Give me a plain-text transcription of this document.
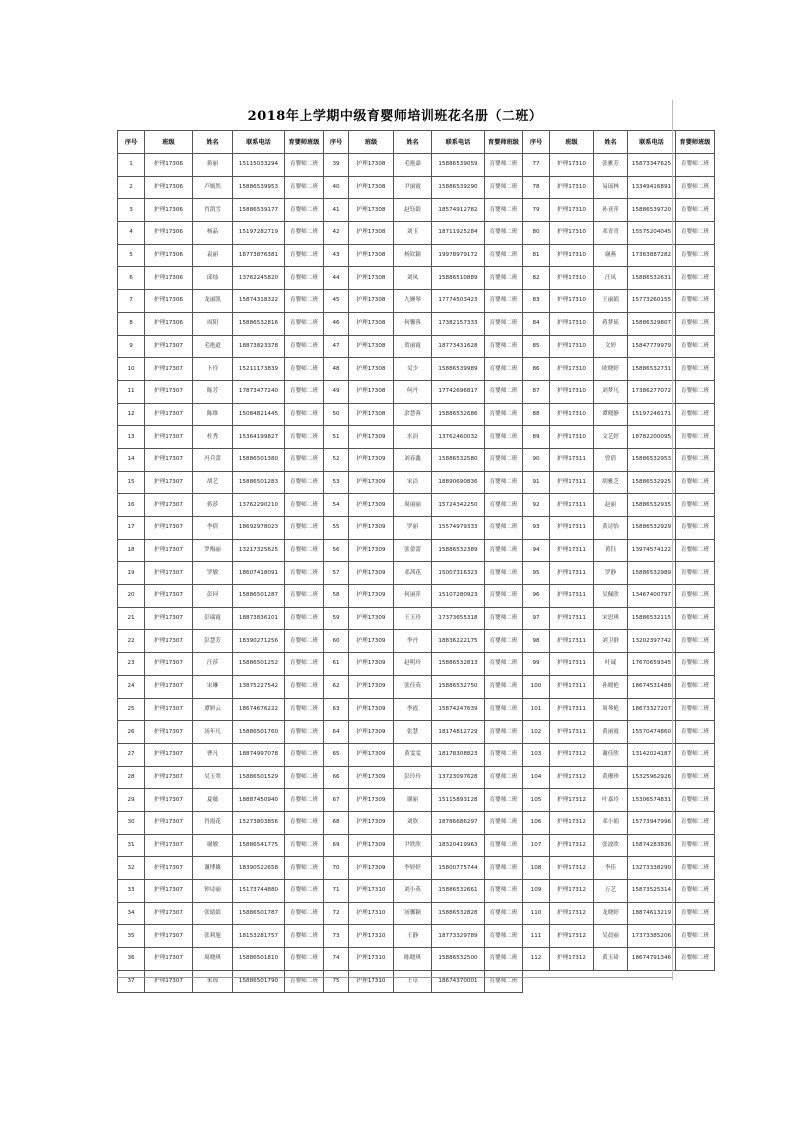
2018年上学期中级育婴师培训班花名册（二班）
序号	班级	姓名	联系电话	育婴师班级	序号	班级	姓名	联系电话	育婴师班级	序号	班级	姓名	联系电话	育婴师班级
1	护理17306	蒋丽	15115033294	育婴师二班	39	护理17308	毛艳嘉	15886539059	育婴师二班	77	护理17310	张雅芳	15873347625	育婴师二班
2	护理17306	卢嫣然	15886539953	育婴师二班	40	护理17308	尹丽霞	15886539290	育婴师二班	78	护理17310	易瑶林	13349416891	育婴师二班
3	护理17306	肖凯雪	15886539177	育婴师二班	41	护理17308	赵钰婧	18574912782	育婴师二班	79	护理17310	孙亚萍	15886539720	育婴师二班
4	护理17306	杨晶	15197282719	育婴师二班	42	护理17308	刘玉	18711925284	育婴师二班	80	护理17310	邓青青	15575204045	育婴师二班
5	护理17306	袁丽	18773876381	育婴师二班	43	护理17308	杨钦颖	19978979172	育婴师二班	81	护理17310	谢燕	17363887282	育婴师二班
6	护理17306	邱灿	13762245820	育婴师二班	44	护理17308	刘凤	15886510889	育婴师二班	82	护理17310	汪凤	15886532631	育婴师二班
7	护理17306	龙丽凯	15874318322	育婴师二班	45	护理17308	九婉琴	17774503423	育婴师二班	83	护理17310	王丽娟	15773260155	育婴师二班
8	护理17306	周阳	15886532816	育婴师二班	46	护理17308	何馨蓉	17382157333	育婴师二班	84	护理17310	蒋梦瑶	15886329807	育婴师二班
9	护理17307	毛艳道	18873823378	育婴师二班	47	护理17308	贺丽霞	18773431628	育婴师二班	85	护理17310	文婷	15847779979	育婴师二班
10	护理17307	卜玲	15211173839	育婴师二班	48	护理17308	吴少	15886539989	育婴师二班	86	护理17310	欧晓婷	15886532731	育婴师二班
11	护理17307	陈芳	17873477240	育婴师二班	49	护理17308	何丹	17742696817	育婴师二班	87	护理17310	刘梦凡	17386277072	育婴师二班
12	护理17307	陈维	15084821445	育婴师二班	50	护理17308	余慧蓉	15886532686	育婴师二班	88	护理17310	谭晓静	15197246171	育婴师二班
13	护理17307	杜秀	15364199827	育婴师二班	51	护理17309	水涓	13762460032	育婴师二班	89	护理17310	文艺婷	18782200095	育婴师二班
14	护理17307	冯兵蕾	15886501380	育婴师二班	52	护理17309	刘春鑫	15886532580	育婴师二班	90	护理17311	曾倩	15886532953	育婴师二班
15	护理17307	胡艺	15886501283	育婴师二班	53	护理17309	宋洁	18890690836	育婴师二班	91	护理17311	胡雅芝	15886532925	育婴师二班
16	护理17307	蒋莎	13762290210	育婴师二班	54	护理17309	周丽丽	15724342250	育婴师二班	92	护理17311	赵丽	15886532935	育婴师二班
17	护理17307	李倩	18692978023	育婴师二班	55	护理17309	罗丽	15574979333	育婴师二班	93	护理17311	黄诗怡	15886532929	育婴师二班
18	护理17307	罗梅丽	13217325625	育婴师二班	56	护理17309	张蕾蕾	15886532389	育婴师二班	94	护理17311	黄钰	13974574122	育婴师二班
19	护理17307	罗敏	18607418091	育婴师二班	57	护理17309	邓茜花	15007316323	育婴师二班	95	护理17311	罗静	15886532989	育婴师二班
20	护理17307	彭珂	15886501287	育婴师二班	58	护理17309	何丽萍	15107280923	育婴师二班	96	护理17311	吴佩欣	13467400797	育婴师二班
21	护理17307	彭瑞霞	18873836101	育婴师二班	59	护理17309	王玉玲	17373655318	育婴师二班	97	护理17311	宋思琪	15886532115	育婴师二班
22	护理17307	彭慧芳	18390271256	育婴师二班	60	护理17309	李丹	18836222175	育婴师二班	98	护理17311	刘卫群	13202397742	育婴师二班
23	护理17307	汪莎	15886501252	育婴师二班	61	护理17309	赵明玲	15886532813	育婴师二班	99	护理17311	叶诚	17670659345	育婴师二班
24	护理17307	宋琳	13875227542	育婴师二班	62	护理17309	张佳英	15886532750	育婴师二班	100	护理17311	孙晓艳	18674531488	育婴师二班
25	护理17307	谭妍云	18674676222	育婴师二班	63	护理17309	李霞	15874247639	育婴师二班	101	护理17311	周琴艳	18673327207	育婴师二班
26	护理17307	汤年凡	15886501760	育婴师二班	64	护理17309	张慧	18174812729	育婴师二班	102	护理17311	黄丽霞	15570474860	育婴师二班
27	护理17307	曹凡	18874997078	育婴师二班	65	护理17309	黄雯雯	18178308823	育婴师二班	103	护理17312	谢佳欣	13142024187	育婴师二班
28	护理17307	吴玉翠	15886501529	育婴师二班	66	护理17309	彭玲玲	13723097628	育婴师二班	104	护理17312	黄珊珍	15325962926	育婴师二班
29	护理17307	夏薇	18887450940	育婴师二班	67	护理17309	谢丽	15115893128	育婴师二班	105	护理17312	叶嘉玲	15306574831	育婴师二班
30	护理17307	肖霞花	15273803856	育婴师二班	68	护理17309	刘欣	18786686297	育婴师二班	106	护理17312	邓小娟	15773947996	育婴师二班
31	护理17307	谢敏	15886541775	育婴师二班	69	护理17309	尹欣欣	18320419963	育婴师二班	107	护理17312	张波欣	15874283836	育婴师二班
32	护理17307	谢博雄	18390522658	育婴师二班	70	护理17309	李婷婷	15800775744	育婴师二班	108	护理17312	李佳	13273338290	育婴师二班
33	护理17307	钟诗丽	15173744880	育婴师二班	71	护理17310	刘小英	15886532661	育婴师二班	109	护理17312	万艺	15873525314	育婴师二班
34	护理17307	张婧婧	15886501787	育婴师二班	72	护理17310	汤馨颖	15886532828	育婴师二班	110	护理17312	龙晓婷	18874613219	育婴师二班
35	护理17307	张莉旭	18153281757	育婴师二班	73	护理17310	王静	18773329789	育婴师二班	111	护理17312	吴晨丽	17373385206	育婴师二班
36	护理17307	周晓琪	15886501810	育婴师二班	74	护理17310	陈晓琪	15886532500	育婴师二班	112	护理17312	黄玉琦	18674791346	育婴师二班
37	护理17307	朱琼	15886501790	育婴师二班	75	护理17310	王卓	18674370001	育婴师二班					
